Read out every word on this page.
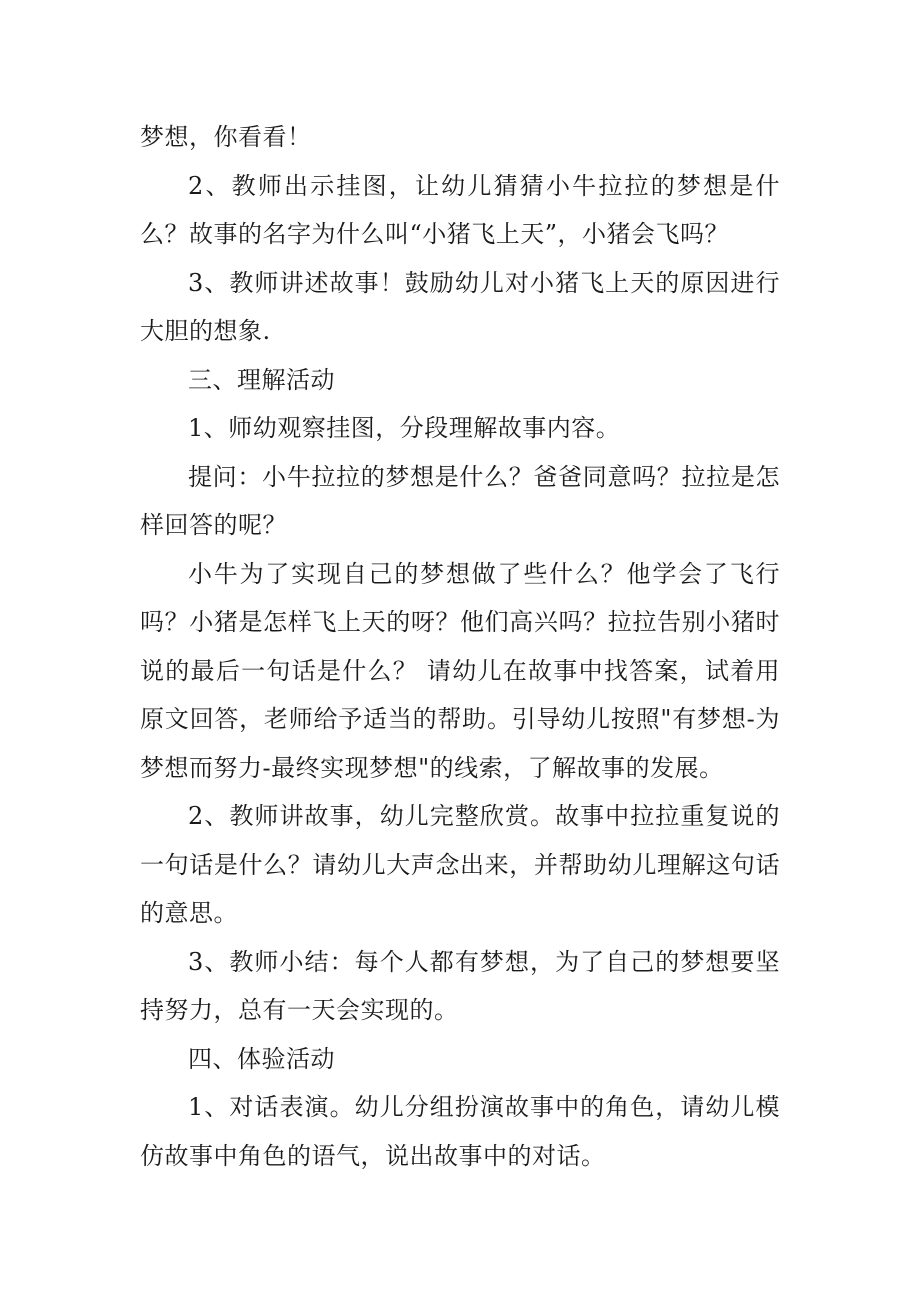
梦想，你看看！

2、教师出示挂图，让幼儿猜猜小牛拉拉的梦想是什么？故事的名字为什么叫“小猪飞上天”，小猪会飞吗？

3、教师讲述故事！鼓励幼儿对小猪飞上天的原因进行大胆的想象.

三、理解活动

1、师幼观察挂图，分段理解故事内容。

提问：小牛拉拉的梦想是什么？爸爸同意吗？拉拉是怎样回答的呢？

小牛为了实现自己的梦想做了些什么？他学会了飞行吗？小猪是怎样飞上天的呀？他们高兴吗？拉拉告别小猪时说的最后一句话是什么？ 请幼儿在故事中找答案，试着用原文回答，老师给予适当的帮助。引导幼儿按照"有梦想-为梦想而努力-最终实现梦想"的线索，了解故事的发展。

2、教师讲故事，幼儿完整欣赏。故事中拉拉重复说的一句话是什么？请幼儿大声念出来，并帮助幼儿理解这句话的意思。

3、教师小结：每个人都有梦想，为了自己的梦想要坚持努力，总有一天会实现的。

四、体验活动

1、对话表演。幼儿分组扮演故事中的角色，请幼儿模仿故事中角色的语气，说出故事中的对话。
